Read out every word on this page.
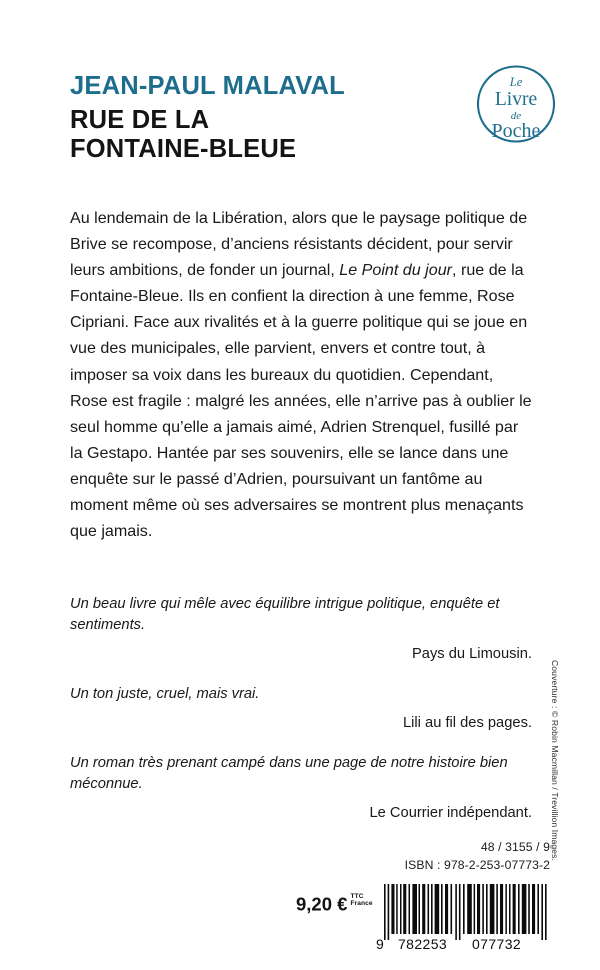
JEAN-PAUL MALAVAL
RUE DE LA
FONTAINE-BLEUE
Le
Livre
de
Poche

Au lendemain de la Libération, alors que le paysage politique de Brive se recompose, d’anciens résistants décident, pour servir leurs ambitions, de fonder un journal, Le Point du jour, rue de la Fontaine-Bleue. Ils en confient la direction à une femme, Rose Cipriani. Face aux rivalités et à la guerre politique qui se joue en vue des municipales, elle parvient, envers et contre tout, à imposer sa voix dans les bureaux du quotidien. Cependant, Rose est fragile : malgré les années, elle n’arrive pas à oublier le seul homme qu’elle a jamais aimé, Adrien Strenquel, fusillé par la Gestapo. Hantée par ses souvenirs, elle se lance dans une enquête sur le passé d’Adrien, poursuivant un fantôme au moment même où ses adversaires se montrent plus menaçants que jamais.

Un beau livre qui mêle avec équilibre intrigue politique, enquête et sentiments.

Pays du Limousin.

Un ton juste, cruel, mais vrai.

Lili au fil des pages.

Un roman très prenant campé dans une page de notre histoire bien méconnue.

Le Courrier indépendant.

48 / 3155 / 9
ISBN : 978-2-253-07773-2
9,20 € TTC
France
9 782253 077732
Couverture : © Robin Macmillan / Trevillion Images.
